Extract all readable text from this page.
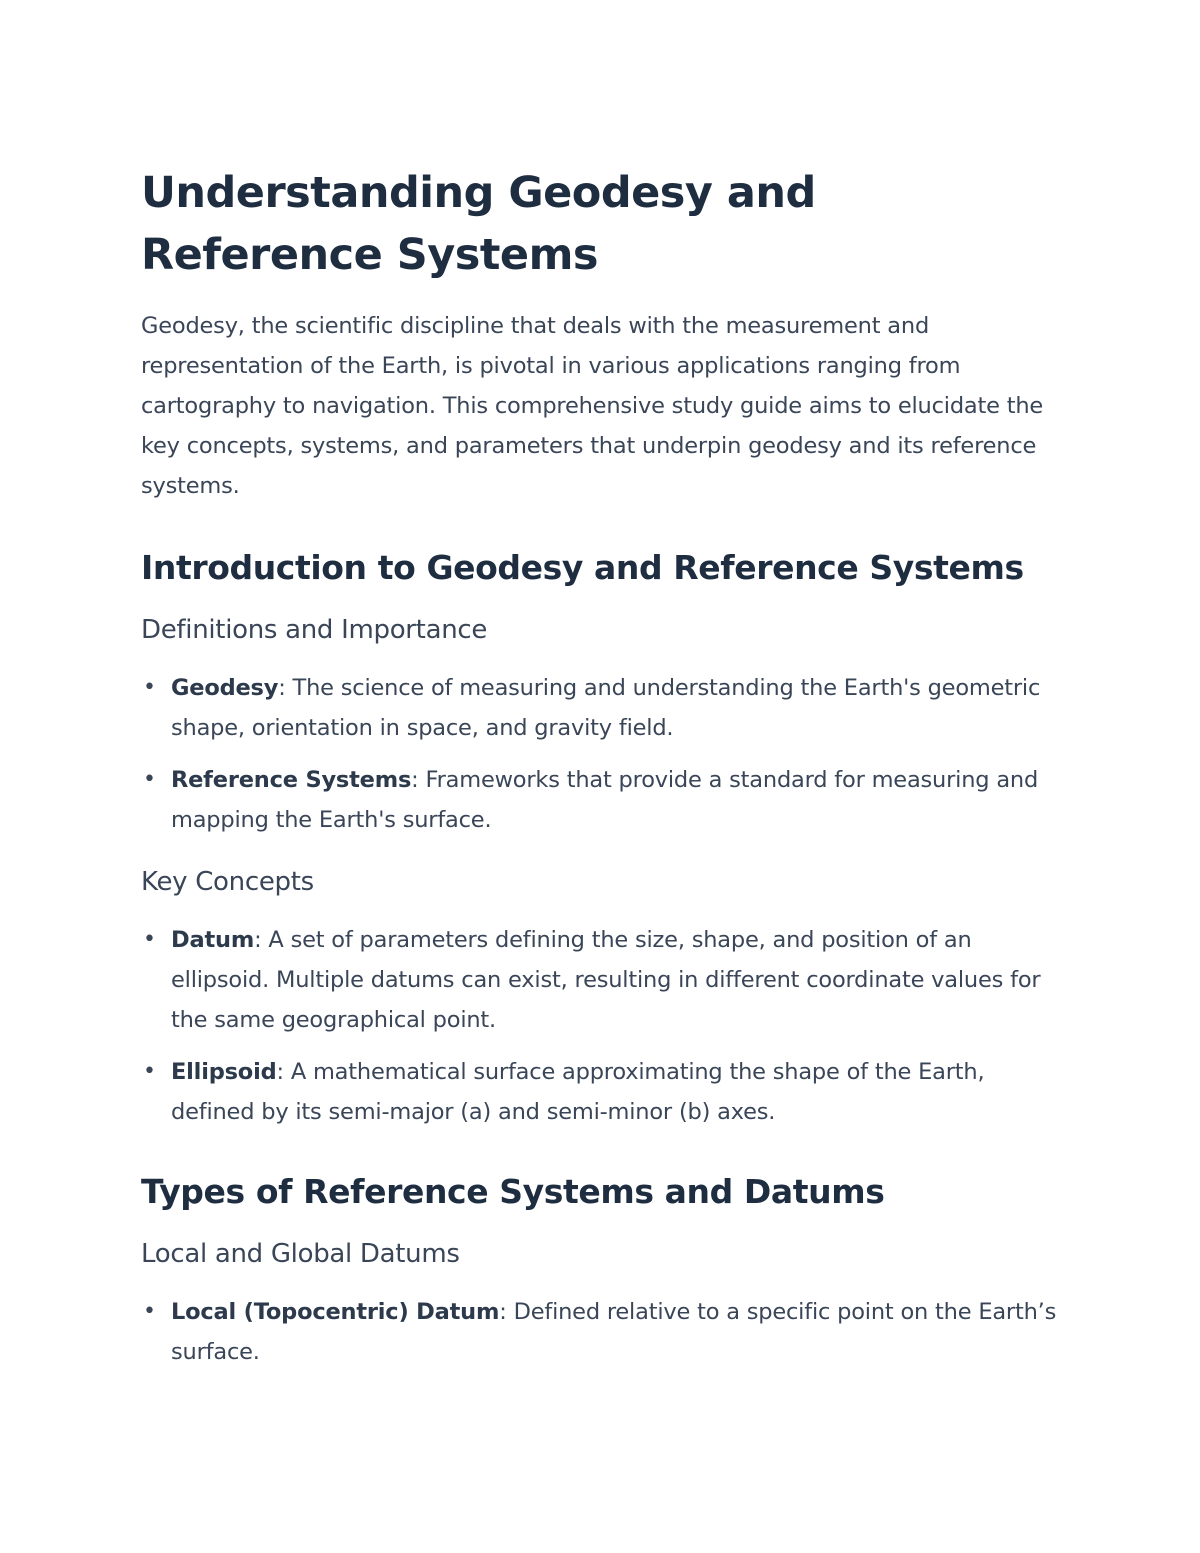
Understanding Geodesy and Reference Systems

Geodesy, the scientific discipline that deals with the measurement and representation of the Earth, is pivotal in various applications ranging from cartography to navigation. This comprehensive study guide aims to elucidate the key concepts, systems, and parameters that underpin geodesy and its reference systems.

Introduction to Geodesy and Reference Systems
Definitions and Importance
• Geodesy: The science of measuring and understanding the Earth's geometric shape, orientation in space, and gravity field.
• Reference Systems: Frameworks that provide a standard for measuring and mapping the Earth's surface.
Key Concepts
• Datum: A set of parameters defining the size, shape, and position of an ellipsoid. Multiple datums can exist, resulting in different coordinate values for the same geographical point.
• Ellipsoid: A mathematical surface approximating the shape of the Earth, defined by its semi-major (a) and semi-minor (b) axes.
Types of Reference Systems and Datums
Local and Global Datums
• Local (Topocentric) Datum: Defined relative to a specific point on the Earth’s surface.
